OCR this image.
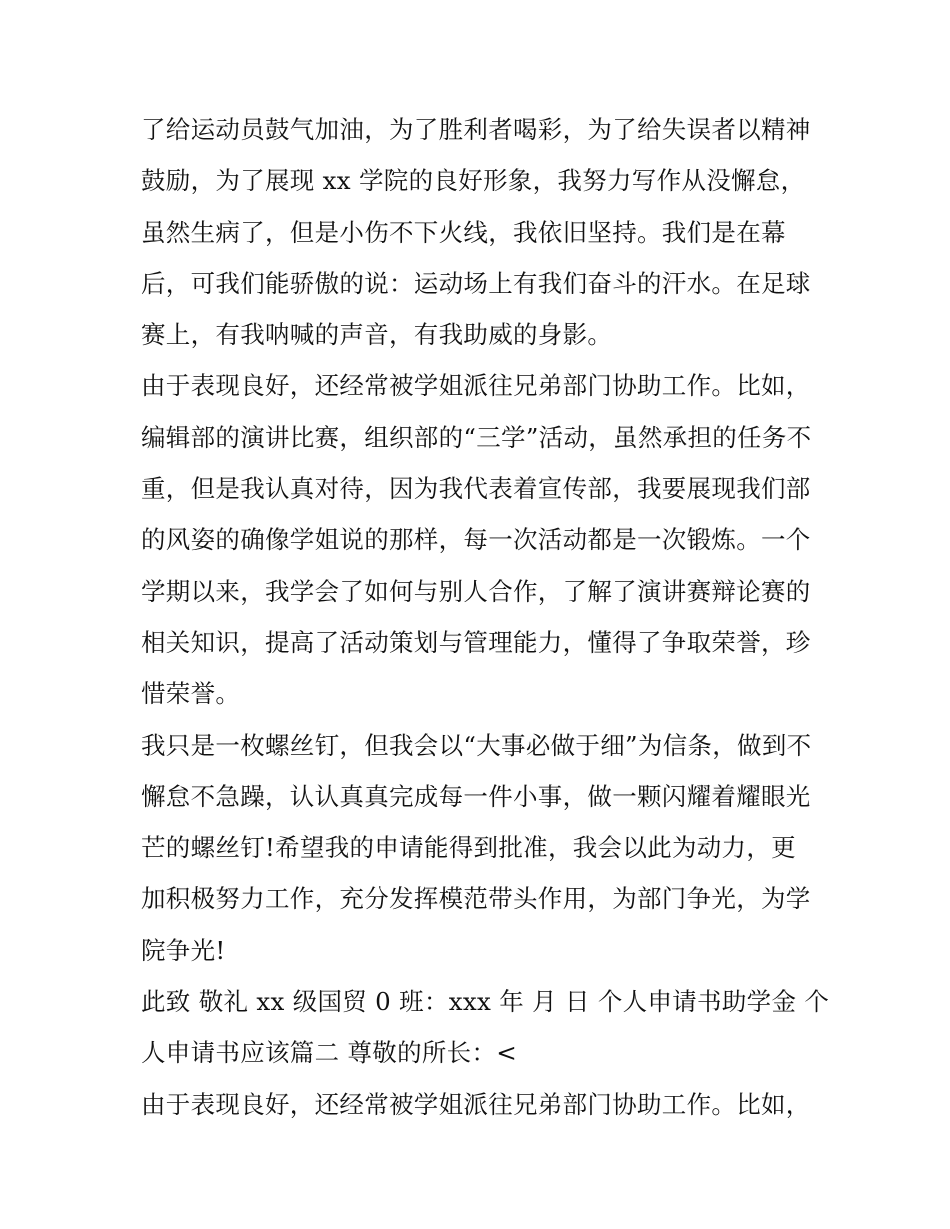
了给运动员鼓气加油，为了胜利者喝彩，为了给失误者以精神
鼓励，为了展现 xx 学院的良好形象，我努力写作从没懈怠，
虽然生病了，但是小伤不下火线，我依旧坚持。我们是在幕
后，可我们能骄傲的说：运动场上有我们奋斗的汗水。在足球
赛上，有我呐喊的声音，有我助威的身影。

由于表现良好，还经常被学姐派往兄弟部门协助工作。比如，
编辑部的演讲比赛，组织部的“三学”活动，虽然承担的任务不
重，但是我认真对待，因为我代表着宣传部，我要展现我们部
的风姿的确像学姐说的那样，每一次活动都是一次锻炼。一个
学期以来，我学会了如何与别人合作，了解了演讲赛辩论赛的
相关知识，提高了活动策划与管理能力，懂得了争取荣誉，珍
惜荣誉。

我只是一枚螺丝钉，但我会以“大事必做于细”为信条，做到不
懈怠不急躁，认认真真完成每一件小事，做一颗闪耀着耀眼光
芒的螺丝钉!希望我的申请能得到批准，我会以此为动力，更
加积极努力工作，充分发挥模范带头作用，为部门争光，为学
院争光!

此致 敬礼 xx 级国贸 0 班：xxx 年 月 日 个人申请书助学金 个
人申请书应该篇二 尊敬的所长：<

由于表现良好，还经常被学姐派往兄弟部门协助工作。比如，
